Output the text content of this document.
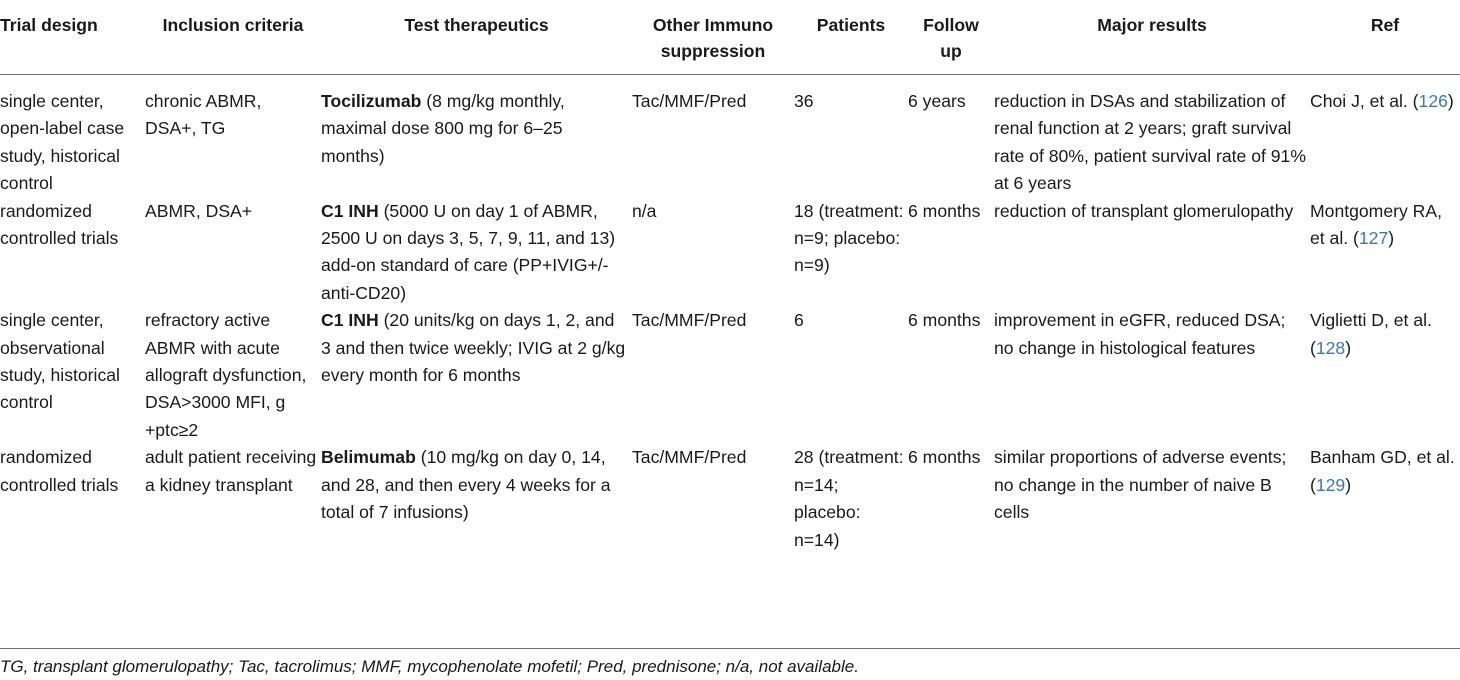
Trial design	Inclusion criteria	Test therapeutics	Other Immuno suppression	Patients	Follow up	Major results	Ref
single center, open-label case study, historical control	chronic ABMR, DSA+, TG	Tocilizumab (8 mg/kg monthly, maximal dose 800 mg for 6–25 months)	Tac/MMF/Pred	36	6 years	reduction in DSAs and stabilization of renal function at 2 years; graft survival rate of 80%, patient survival rate of 91% at 6 years	Choi J, et al. (126)
randomized controlled trials	ABMR, DSA+	C1 INH (5000 U on day 1 of ABMR, 2500 U on days 3, 5, 7, 9, 11, and 13) add-on standard of care (PP+IVIG+/- anti-CD20)	n/a	18 (treatment: n=9; placebo: n=9)	6 months	reduction of transplant glomerulopathy	Montgomery RA, et al. (127)
single center, observational study, historical control	refractory active ABMR with acute allograft dysfunction, DSA>3000 MFI, g +ptc≥2	C1 INH (20 units/kg on days 1, 2, and 3 and then twice weekly; IVIG at 2 g/kg every month for 6 months	Tac/MMF/Pred	6	6 months	improvement in eGFR, reduced DSA; no change in histological features	Viglietti D, et al. (128)
randomized controlled trials	adult patient receiving a kidney transplant	Belimumab (10 mg/kg on day 0, 14, and 28, and then every 4 weeks for a total of 7 infusions)	Tac/MMF/Pred	28 (treatment: n=14; placebo: n=14)	6 months	similar proportions of adverse events; no change in the number of naive B cells	Banham GD, et al. (129)
TG, transplant glomerulopathy; Tac, tacrolimus; MMF, mycophenolate mofetil; Pred, prednisone; n/a, not available.
